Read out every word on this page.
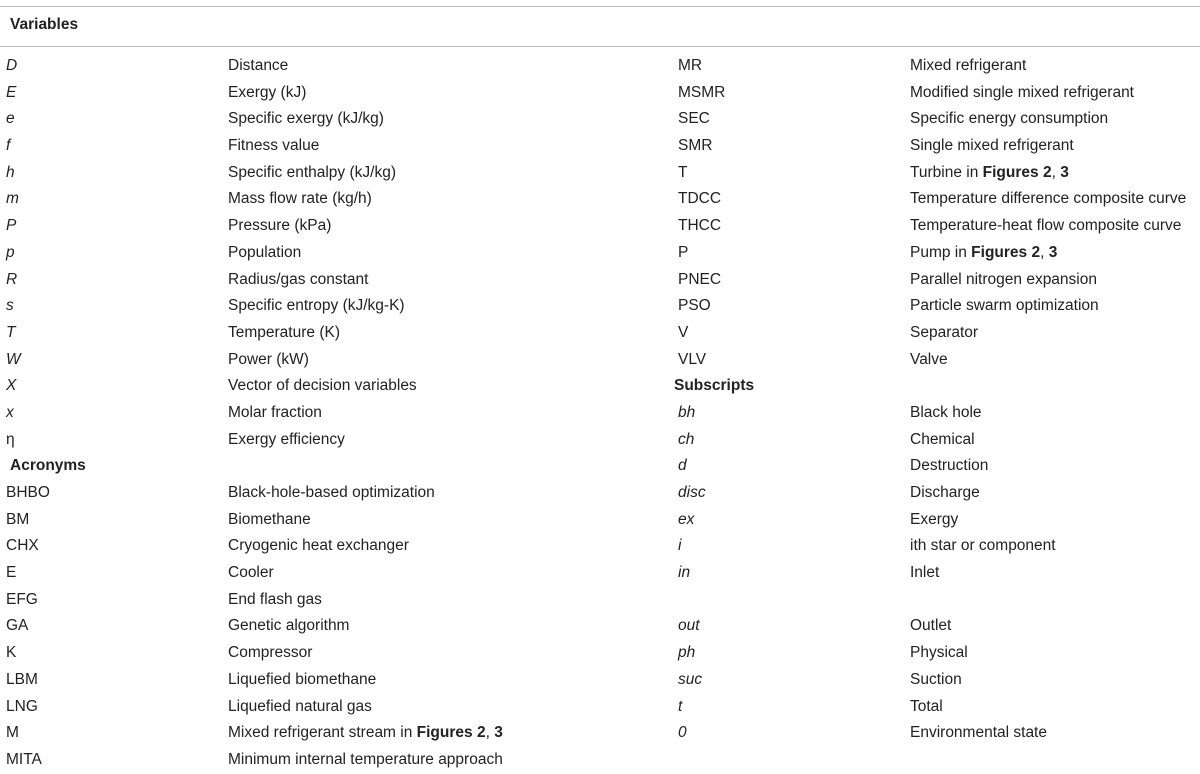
Variables
D	Distance
E	Exergy (kJ)
e	Specific exergy (kJ/kg)
f	Fitness value
h	Specific enthalpy (kJ/kg)
m	Mass flow rate (kg/h)
P	Pressure (kPa)
p	Population
R	Radius/gas constant
s	Specific entropy (kJ/kg-K)
T	Temperature (K)
W	Power (kW)
X	Vector of decision variables
x	Molar fraction
η	Exergy efficiency
Acronyms
BHBO	Black-hole-based optimization
BM	Biomethane
CHX	Cryogenic heat exchanger
E	Cooler
EFG	End flash gas
GA	Genetic algorithm
K	Compressor
LBM	Liquefied biomethane
LNG	Liquefied natural gas
M	Mixed refrigerant stream in Figures 2, 3
MITA	Minimum internal temperature approach
MR	Mixed refrigerant
MSMR	Modified single mixed refrigerant
SEC	Specific energy consumption
SMR	Single mixed refrigerant
T	Turbine in Figures 2, 3
TDCC	Temperature difference composite curve
THCC	Temperature-heat flow composite curve
P	Pump in Figures 2, 3
PNEC	Parallel nitrogen expansion
PSO	Particle swarm optimization
V	Separator
VLV	Valve
Subscripts
bh	Black hole
ch	Chemical
d	Destruction
disc	Discharge
ex	Exergy
i	ith star or component
in	Inlet
out	Outlet
ph	Physical
suc	Suction
t	Total
0	Environmental state
